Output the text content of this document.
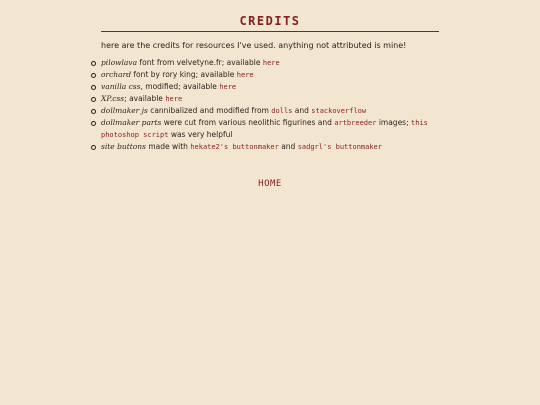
CREDITS

here are the credits for resources I've used. anything not attributed is mine!

pilowlava font from velvetyne.fr; available here
orchard font by rory king; available here
vanilla css, modified; available here
XP.css; available here
dollmaker js cannibalized and modified from dolls and stackoverflow
dollmaker parts were cut from various neolithic figurines and artbreeder images; this photoshop script was very helpful
site buttons made with hekate2's buttonmaker and sadgrl's buttonmaker
HOME
